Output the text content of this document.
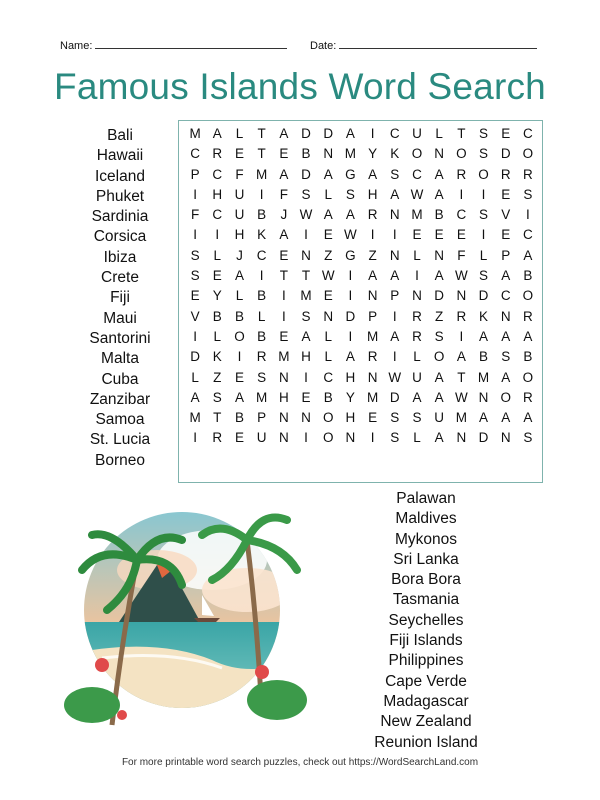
Name:	Date:
Famous Islands Word Search
M A	L	T	A D D A	I	C U	L	T	S E C
C R E	T	E B N M Y K O N O S D O
P C F M A D A G A S C A R O R R
I	H U	I	F	S	L	S H A W A	I	I	E S
F C U B	J W A A R N M B C S V	I
I	I	H K A	I	E W	I	I	E E E	I	E C
S	L	J	C E N Z G Z N	L	N F	L	P A
S E A	I	T	T W	I	A A	I	A W S A B
E Y	L	B	I	M E	I	N P N D N D C O
V B B	L	I	S N D P	I	R Z R K N R
I	L O B E A	L	I	M A R S	I	A A A
D K	I	R M H	L	A R	I	L O A B S B
L	Z	E S N	I	C H N W U A	T M A O
A S A M H E B Y M D A A W N O R
M T	B P N N O H E S S U M A A A
I	R E U N	I	O N	I	S	L	A N D N S
Bali
Hawaii
Iceland
Phuket
Sardinia
Corsica
Ibiza
Crete
Fiji
Maui
Santorini
Malta
Cuba
Zanzibar
Samoa
St. Lucia
Borneo
Palawan
Maldives
Mykonos
Sri Lanka
Bora Bora
Tasmania
Seychelles
Fiji Islands
Philippines
Cape Verde
Madagascar
New Zealand
Reunion Island
For more printable word search puzzles, check out https://WordSearchLand.com
